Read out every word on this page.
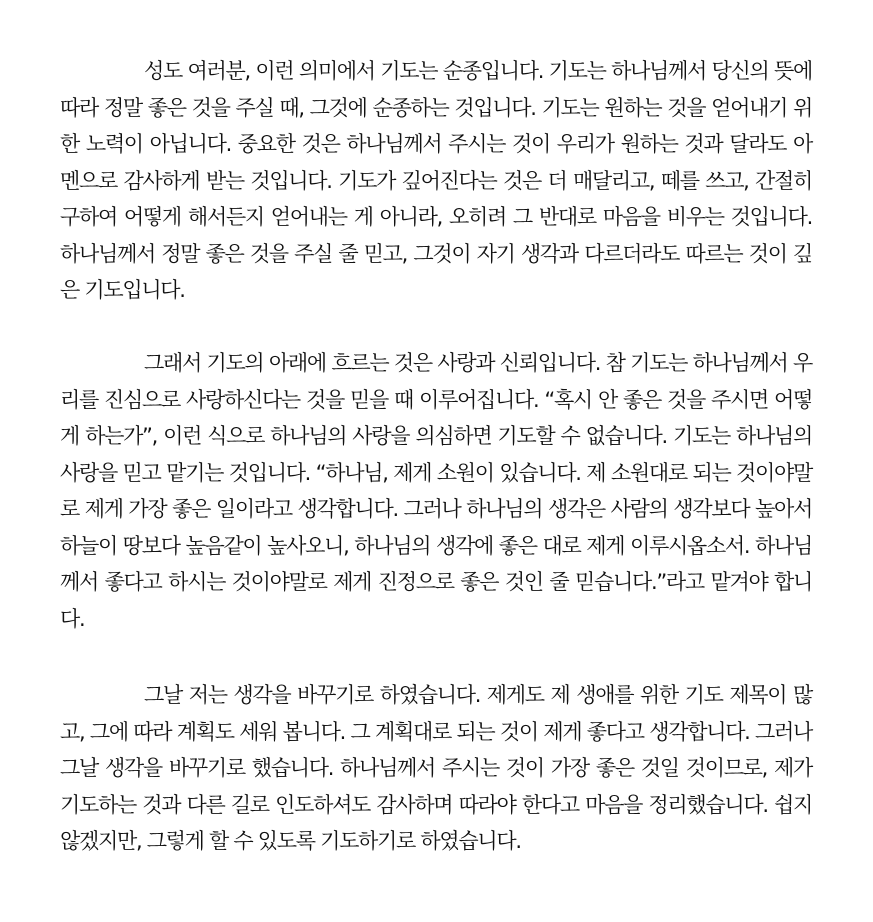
성도 여러분, 이런 의미에서 기도는 순종입니다. 기도는 하나님께서 당신의 뜻에 따라 정말 좋은 것을 주실 때, 그것에 순종하는 것입니다. 기도는 원하는 것을 얻어내기 위한 노력이 아닙니다. 중요한 것은 하나님께서 주시는 것이 우리가 원하는 것과 달라도 아멘으로 감사하게 받는 것입니다. 기도가 깊어진다는 것은 더 매달리고, 떼를 쓰고, 간절히 구하여 어떻게 해서든지 얻어내는 게 아니라, 오히려 그 반대로 마음을 비우는 것입니다. 하나님께서 정말 좋은 것을 주실 줄 믿고, 그것이 자기 생각과 다르더라도 따르는 것이 깊은 기도입니다.

그래서 기도의 아래에 흐르는 것은 사랑과 신뢰입니다. 참 기도는 하나님께서 우리를 진심으로 사랑하신다는 것을 믿을 때 이루어집니다. “혹시 안 좋은 것을 주시면 어떻게 하는가”, 이런 식으로 하나님의 사랑을 의심하면 기도할 수 없습니다. 기도는 하나님의 사랑을 믿고 맡기는 것입니다. “하나님, 제게 소원이 있습니다. 제 소원대로 되는 것이야말로 제게 가장 좋은 일이라고 생각합니다. 그러나 하나님의 생각은 사람의 생각보다 높아서 하늘이 땅보다 높음같이 높사오니, 하나님의 생각에 좋은 대로 제게 이루시옵소서. 하나님께서 좋다고 하시는 것이야말로 제게 진정으로 좋은 것인 줄 믿습니다.”라고 맡겨야 합니다.

그날 저는 생각을 바꾸기로 하였습니다. 제게도 제 생애를 위한 기도 제목이 많고, 그에 따라 계획도 세워 봅니다. 그 계획대로 되는 것이 제게 좋다고 생각합니다. 그러나 그날 생각을 바꾸기로 했습니다. 하나님께서 주시는 것이 가장 좋은 것일 것이므로, 제가 기도하는 것과 다른 길로 인도하셔도 감사하며 따라야 한다고 마음을 정리했습니다. 쉽지 않겠지만, 그렇게 할 수 있도록 기도하기로 하였습니다.
